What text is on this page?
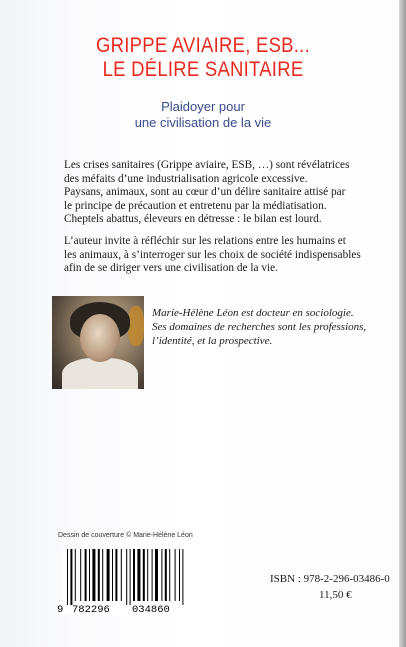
GRIPPE AVIAIRE, ESB...
LE DÉLIRE SANITAIRE
Plaidoyer pour
une civilisation de la vie
Les crises sanitaires (Grippe aviaire, ESB, …) sont révélatrices
des méfaits d’une industrialisation agricole excessive.
Paysans, animaux, sont au cœur d’un délire sanitaire attisé par
le principe de précaution et entretenu par la médiatisation.
Cheptels abattus, éleveurs en détresse : le bilan est lourd.
L’auteur invite à réfléchir sur les relations entre les humains et
les animaux, à s’interroger sur les choix de société indispensables
afin de se diriger vers une civilisation de la vie.
Marie-Hélène Léon est docteur en sociologie.
Ses domaines de recherches sont les professions,
l’identité, et la prospective.
Dessin de couverture © Marie-Hélène Léon
9 782296 034860
ISBN : 978-2-296-03486-0
11,50 €
